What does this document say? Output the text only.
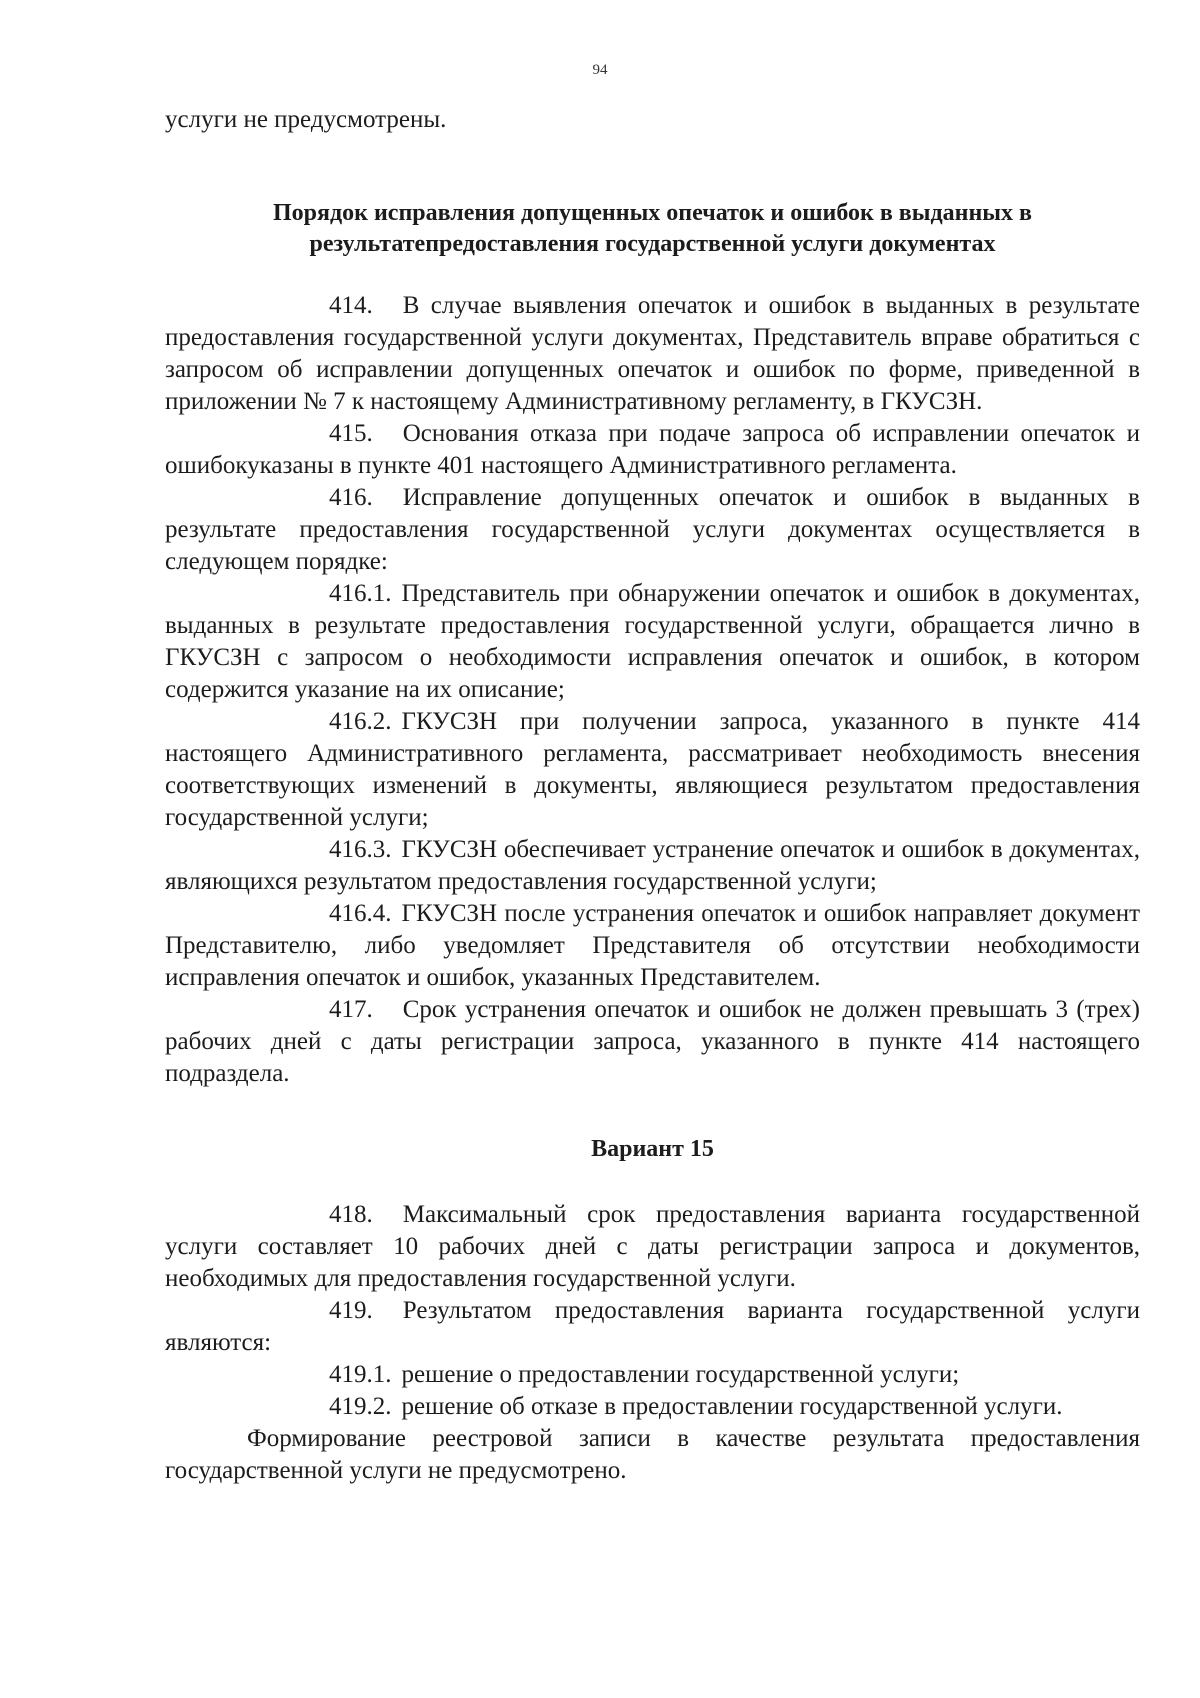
94

услуги не предусмотрены.

Порядок исправления допущенных опечаток и ошибок в выданных в результатепредоставления государственной услуги документах

414. В случае выявления опечаток и ошибок в выданных в результате предоставления государственной услуги документах, Представитель вправе обратиться с запросом об исправлении допущенных опечаток и ошибок по форме, приведенной в приложении № 7 к настоящему Административному регламенту, в ГКУСЗН.

415. Основания отказа при подаче запроса об исправлении опечаток и ошибокуказаны в пункте 401 настоящего Административного регламента.

416. Исправление допущенных опечаток и ошибок в выданных в результате предоставления государственной услуги документах осуществляется в следующем порядке:

416.1. Представитель при обнаружении опечаток и ошибок в документах, выданных в результате предоставления государственной услуги, обращается лично в ГКУСЗН с запросом о необходимости исправления опечаток и ошибок, в котором содержится указание на их описание;

416.2. ГКУСЗН при получении запроса, указанного в пункте 414 настоящего Административного регламента, рассматривает необходимость внесения соответствующих изменений в документы, являющиеся результатом предоставления государственной услуги;

416.3. ГКУСЗН обеспечивает устранение опечаток и ошибок в документах, являющихся результатом предоставления государственной услуги;

416.4. ГКУСЗН после устранения опечаток и ошибок направляет документ Представителю, либо уведомляет Представителя об отсутствии необходимости исправления опечаток и ошибок, указанных Представителем.

417. Срок устранения опечаток и ошибок не должен превышать 3 (трех) рабочих дней с даты регистрации запроса, указанного в пункте 414 настоящего подраздела.

Вариант 15

418. Максимальный срок предоставления варианта государственной услуги составляет 10 рабочих дней с даты регистрации запроса и документов, необходимых для предоставления государственной услуги.

419. Результатом предоставления варианта государственной услуги являются:

419.1. решение о предоставлении государственной услуги;

419.2. решение об отказе в предоставлении государственной услуги.

Формирование реестровой записи в качестве результата предоставления государственной услуги не предусмотрено.
